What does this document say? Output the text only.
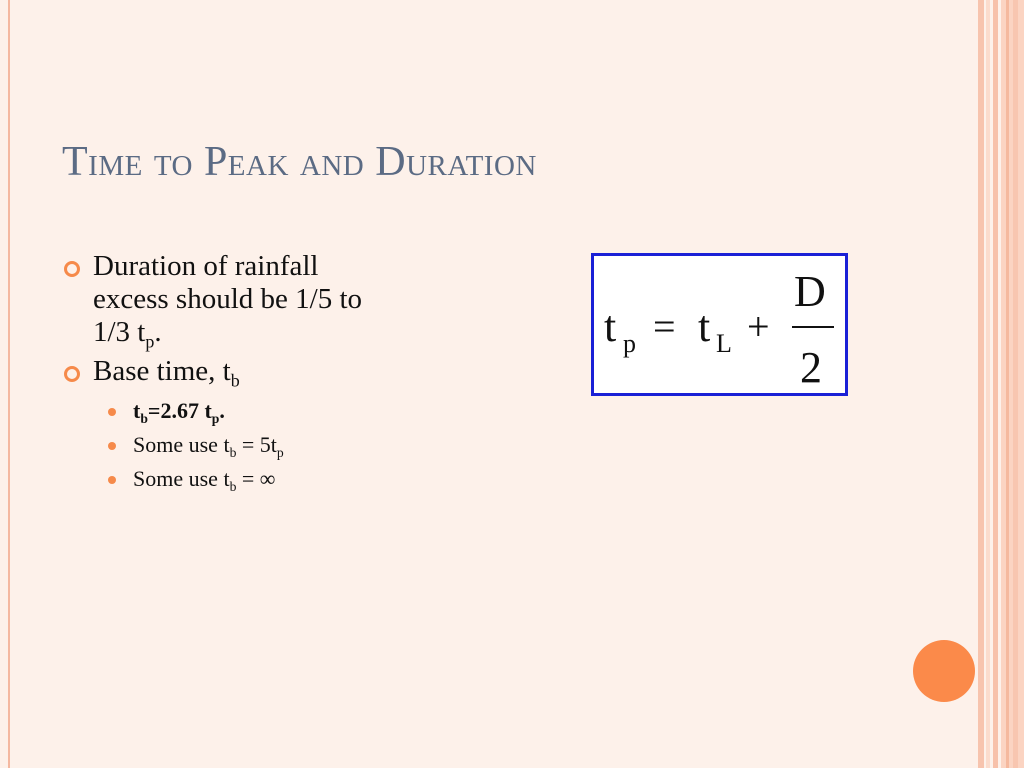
Time to Peak and Duration
Duration of rainfall
excess should be 1/5 to
1/3 $t_p$.
Base time, $t_b$
$t_b=2.67$ $t_p$.
Some use $t_b = 5t_p$
Some use $t_b$ = ∞
t p = t L +
D
2
